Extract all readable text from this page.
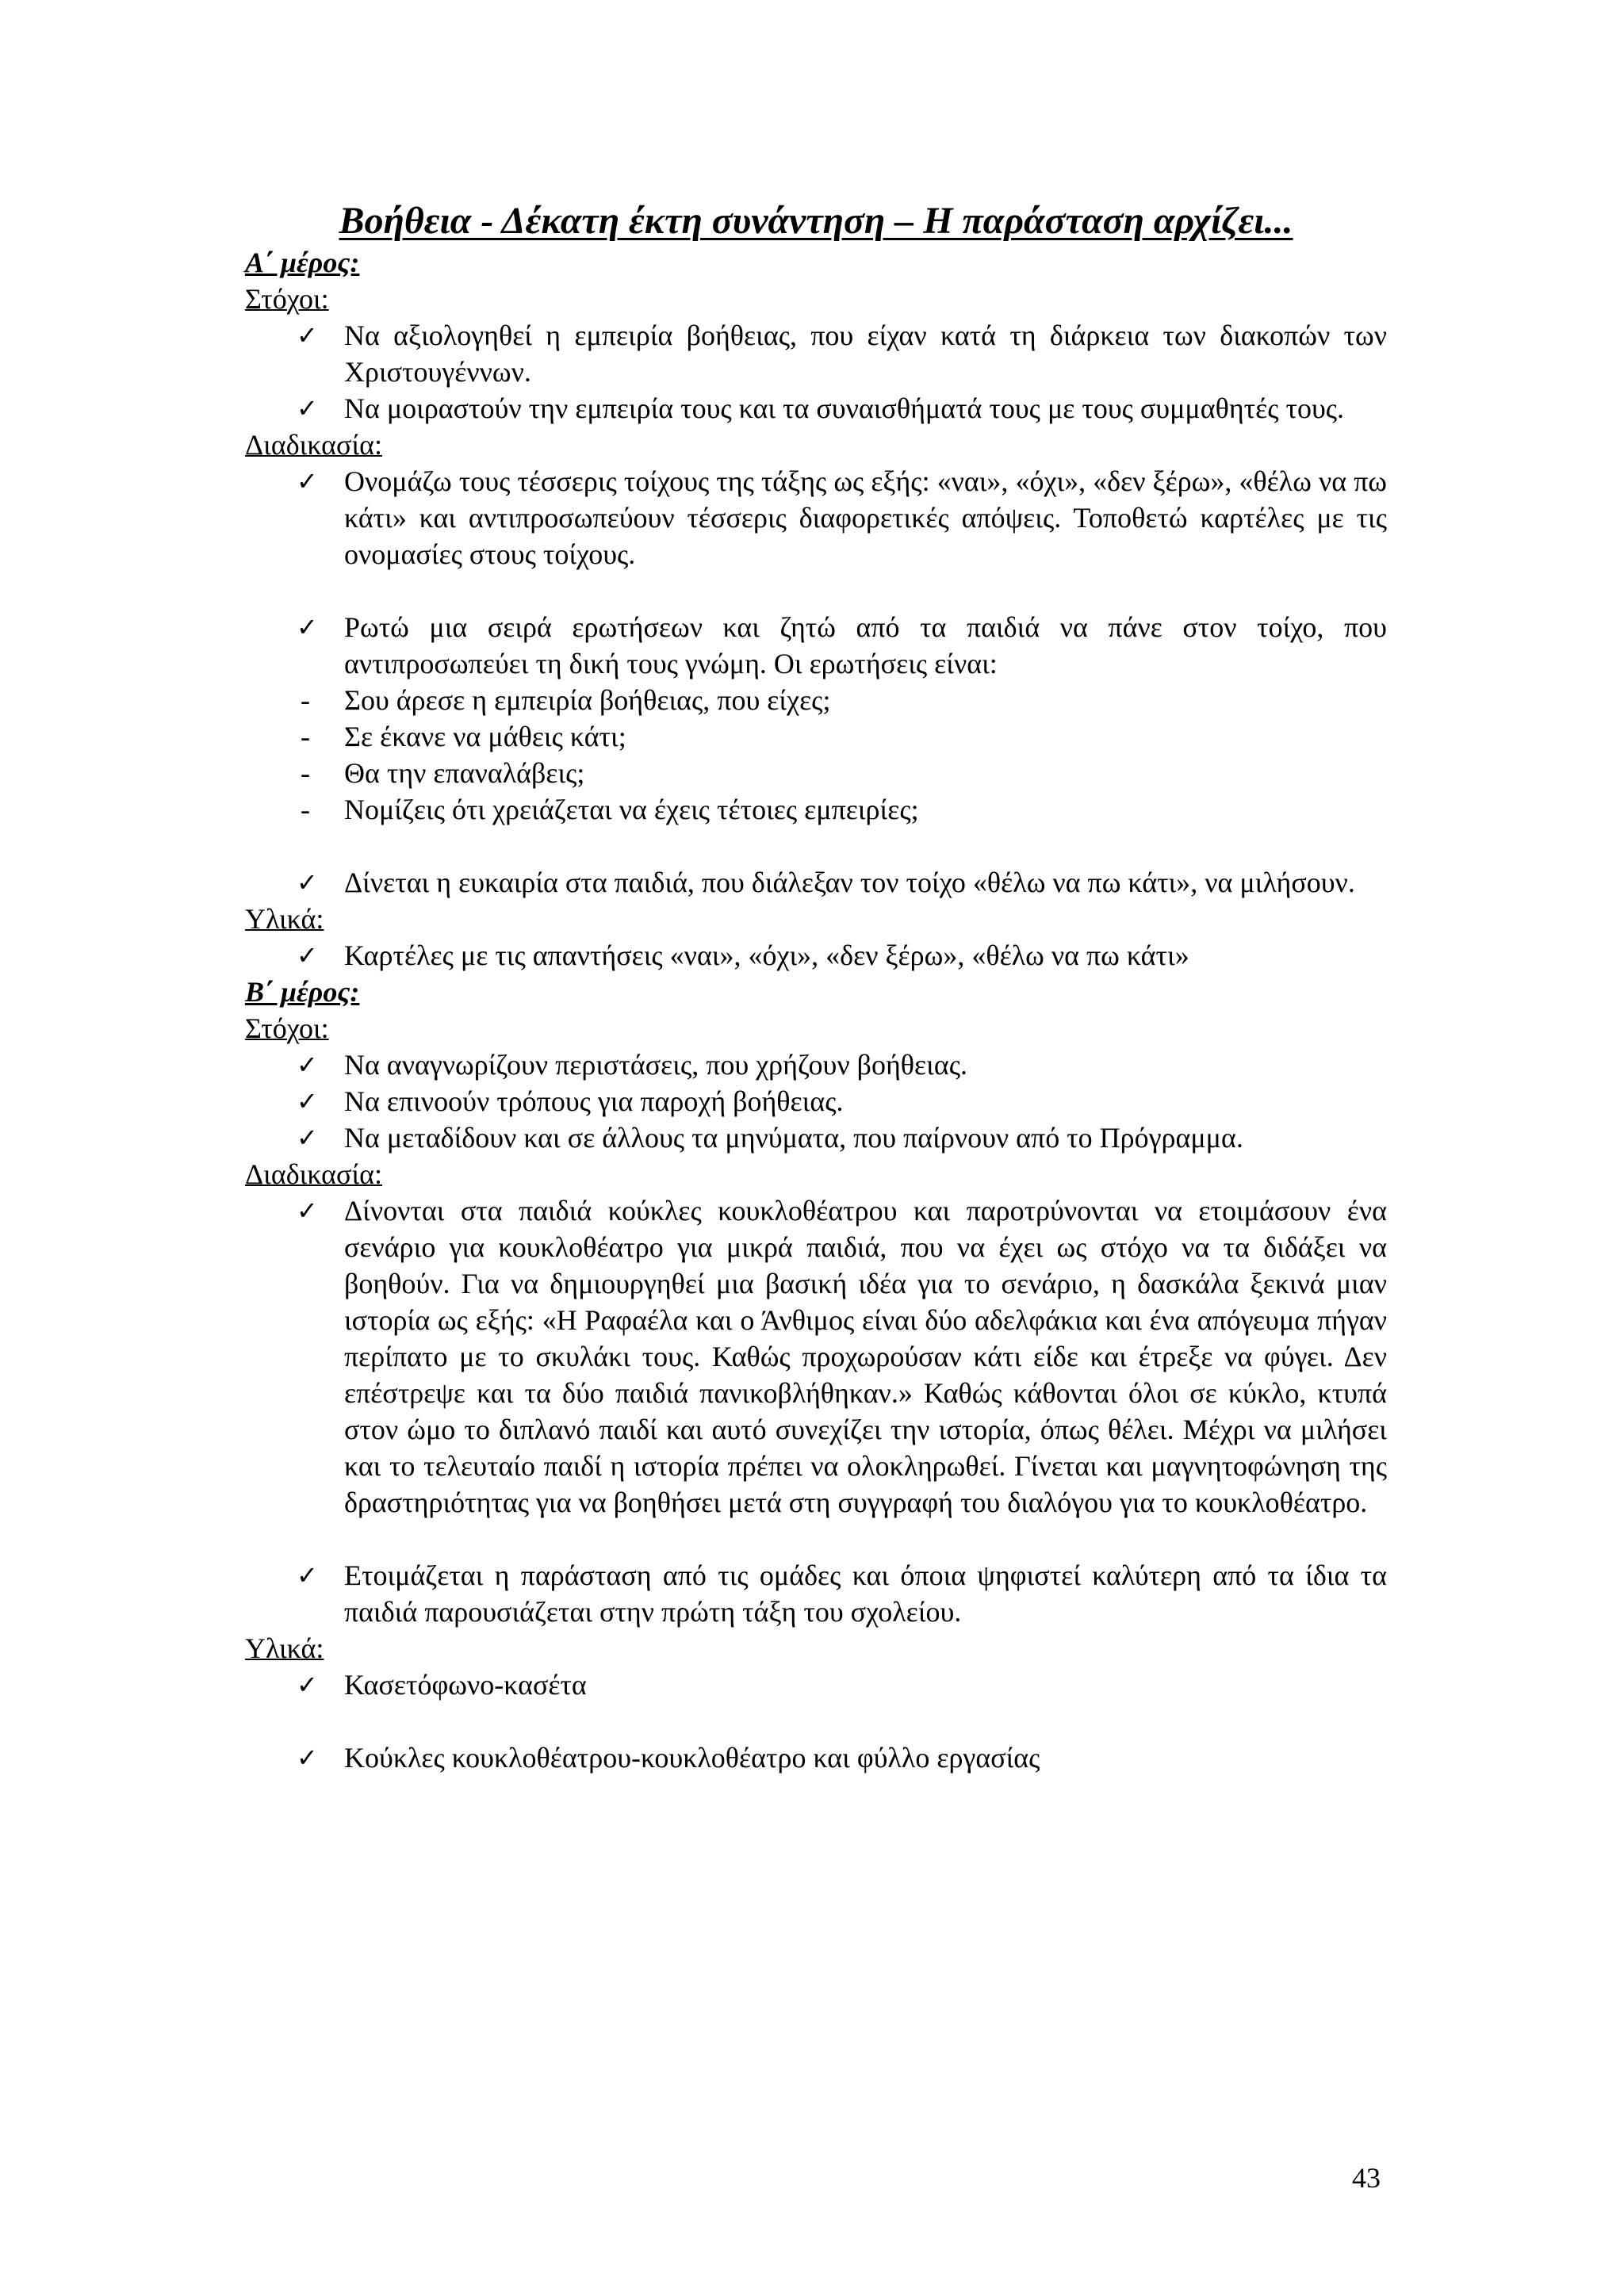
Βοήθεια - Δέκατη έκτη συνάντηση – Η παράσταση αρχίζει...

Α΄ μέρος:

Στόχοι:

✓ Να αξιολογηθεί η εμπειρία βοήθειας, που είχαν κατά τη διάρκεια των διακοπών των Χριστουγέννων.
✓ Να μοιραστούν την εμπειρία τους και τα συναισθήματά τους με τους συμμαθητές τους.

Διαδικασία:

✓ Ονομάζω τους τέσσερις τοίχους της τάξης ως εξής: «ναι», «όχι», «δεν ξέρω», «θέλω να πω κάτι» και αντιπροσωπεύουν τέσσερις διαφορετικές απόψεις. Τοποθετώ καρτέλες με τις ονομασίες στους τοίχους.
✓ Ρωτώ μια σειρά ερωτήσεων και ζητώ από τα παιδιά να πάνε στον τοίχο, που αντιπροσωπεύει τη δική τους γνώμη. Οι ερωτήσεις είναι:
- Σου άρεσε η εμπειρία βοήθειας, που είχες;
- Σε έκανε να μάθεις κάτι;
- Θα την επαναλάβεις;
- Νομίζεις ότι χρειάζεται να έχεις τέτοιες εμπειρίες;
✓ Δίνεται η ευκαιρία στα παιδιά, που διάλεξαν τον τοίχο «θέλω να πω κάτι», να μιλήσουν.

Υλικά:

✓ Καρτέλες με τις απαντήσεις «ναι», «όχι», «δεν ξέρω», «θέλω να πω κάτι»

Β΄ μέρος:

Στόχοι:

✓ Να αναγνωρίζουν περιστάσεις, που χρήζουν βοήθειας.
✓ Να επινοούν τρόπους για παροχή βοήθειας.
✓ Να μεταδίδουν και σε άλλους τα μηνύματα, που παίρνουν από το Πρόγραμμα.

Διαδικασία:

✓ Δίνονται στα παιδιά κούκλες κουκλοθέατρου και παροτρύνονται να ετοιμάσουν ένα σενάριο για κουκλοθέατρο για μικρά παιδιά, που να έχει ως στόχο να τα διδάξει να βοηθούν. Για να δημιουργηθεί μια βασική ιδέα για το σενάριο, η δασκάλα ξεκινά μιαν ιστορία ως εξής: «Η Ραφαέλα και ο Άνθιμος είναι δύο αδελφάκια και ένα απόγευμα πήγαν περίπατο με το σκυλάκι τους. Καθώς προχωρούσαν κάτι είδε και έτρεξε να φύγει. Δεν επέστρεψε και τα δύο παιδιά πανικοβλήθηκαν.» Καθώς κάθονται όλοι σε κύκλο, κτυπά στον ώμο το διπλανό παιδί και αυτό συνεχίζει την ιστορία, όπως θέλει. Μέχρι να μιλήσει και το τελευταίο παιδί η ιστορία πρέπει να ολοκληρωθεί. Γίνεται και μαγνητοφώνηση της δραστηριότητας για να βοηθήσει μετά στη συγγραφή του διαλόγου για το κουκλοθέατρο.
✓ Ετοιμάζεται η παράσταση από τις ομάδες και όποια ψηφιστεί καλύτερη από τα ίδια τα παιδιά παρουσιάζεται στην πρώτη τάξη του σχολείου.

Υλικά:

✓ Κασετόφωνο-κασέτα
✓ Κούκλες κουκλοθέατρου-κουκλοθέατρο και φύλλο εργασίας
43
